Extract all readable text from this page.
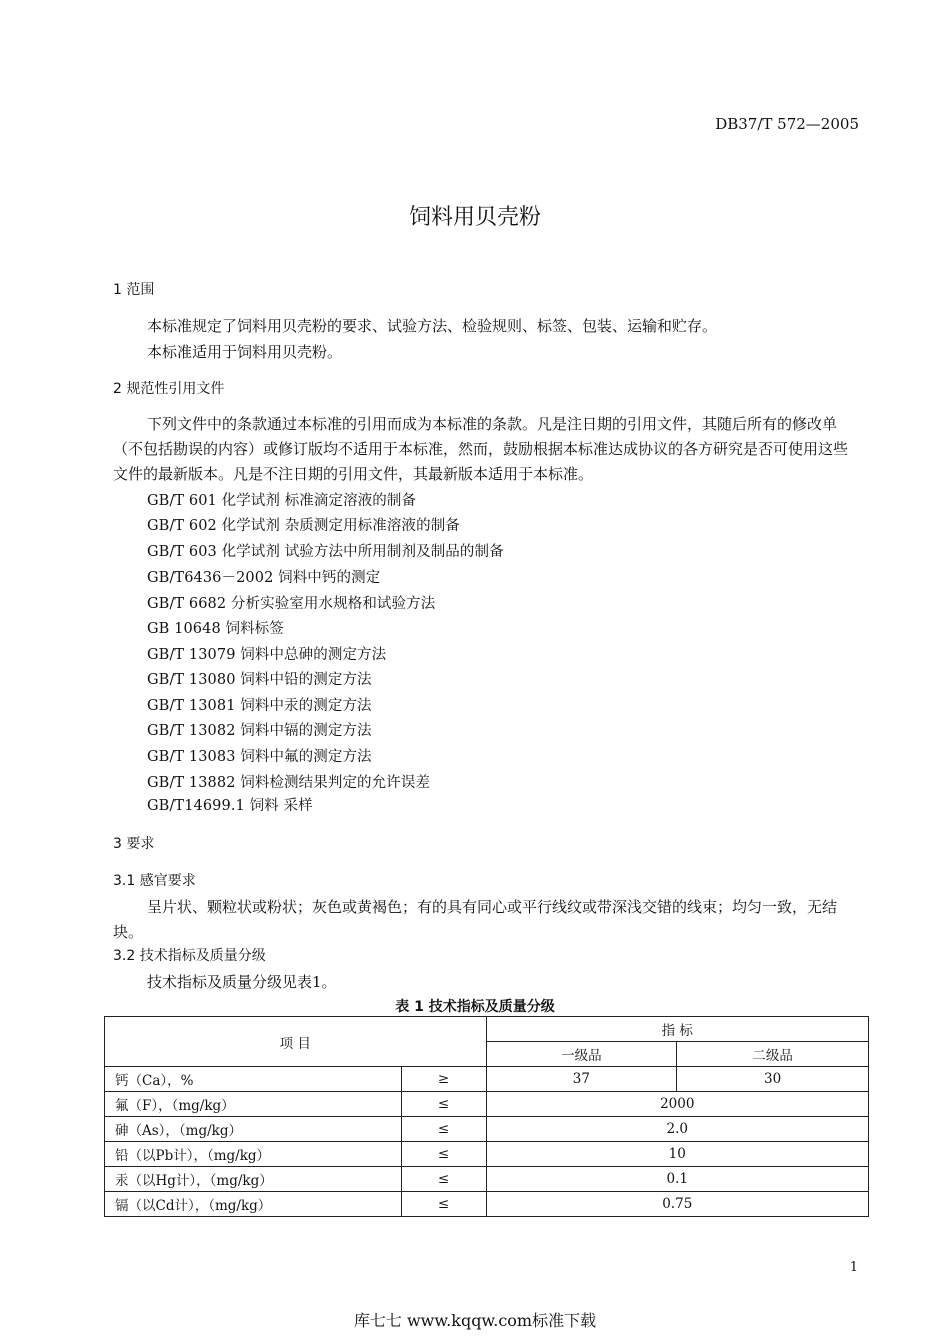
DB37/T 572—2005
饲料用贝壳粉
1 范围
本标准规定了饲料用贝壳粉的要求、试验方法、检验规则、标签、包装、运输和贮存。
本标准适用于饲料用贝壳粉。
2 规范性引用文件
下列文件中的条款通过本标准的引用而成为本标准的条款。凡是注日期的引用文件，其随后所有的修改单（不包括勘误的内容）或修订版均不适用于本标准，然而，鼓励根据本标准达成协议的各方研究是否可使用这些文件的最新版本。凡是不注日期的引用文件，其最新版本适用于本标准。
GB/T 601 化学试剂 标准滴定溶液的制备
GB/T 602 化学试剂 杂质测定用标准溶液的制备
GB/T 603 化学试剂 试验方法中所用制剂及制品的制备
GB/T6436－2002 饲料中钙的测定
GB/T 6682 分析实验室用水规格和试验方法
GB 10648 饲料标签
GB/T 13079 饲料中总砷的测定方法
GB/T 13080 饲料中铅的测定方法
GB/T 13081 饲料中汞的测定方法
GB/T 13082 饲料中镉的测定方法
GB/T 13083 饲料中氟的测定方法
GB/T 13882 饲料检测结果判定的允许误差
GB/T14699.1 饲料 采样
3 要求
3.1 感官要求
呈片状、颗粒状或粉状；灰色或黄褐色；有的具有同心或平行线纹或带深浅交错的线束；均匀一致，无结块。
3.2 技术指标及质量分级
技术指标及质量分级见表1。
表 1 技术指标及质量分级
项 目		指 标	
		一级品	二级品
钙（Ca），%	≥	37	30
氟（F），（mg/kg）	≤	2000	
砷（As），（mg/kg）	≤	2.0	
铅（以Pb计），（mg/kg）	≤	10	
汞（以Hg计），（mg/kg）	≤	0.1	
镉（以Cd计），（mg/kg）	≤	0.75	
1
库七七 www.kqqw.com标准下载
